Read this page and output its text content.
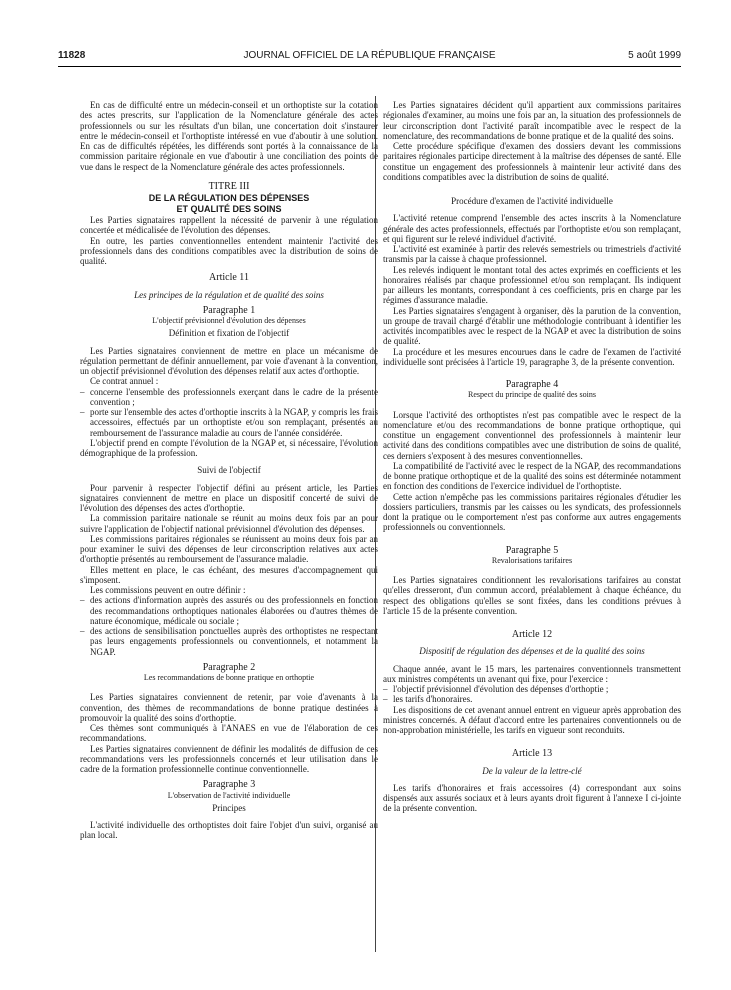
11828	JOURNAL OFFICIEL DE LA RÉPUBLIQUE FRANÇAISE	5 août 1999

En cas de difficulté entre un médecin-conseil et un orthoptiste sur la cotation des actes prescrits, sur l'application de la Nomenclature générale des actes professionnels ou sur les résultats d'un bilan, une concertation doit s'instaurer entre le médecin-conseil et l'orthoptiste intéressé en vue d'aboutir à une solution. En cas de difficultés répétées, les différends sont portés à la connaissance de la commission paritaire régionale en vue d'aboutir à une conciliation des points de vue dans le respect de la Nomenclature générale des actes professionnels.

TITRE III

DE LA RÉGULATION DES DÉPENSES

ET QUALITÉ DES SOINS

Les Parties signataires rappellent la nécessité de parvenir à une régulation concertée et médicalisée de l'évolution des dépenses.

En outre, les parties conventionnelles entendent maintenir l'activité des professionnels dans des conditions compatibles avec la distribution de soins de qualité.

Article 11

Les principes de la régulation et de qualité des soins

Paragraphe 1

L'objectif prévisionnel d'évolution des dépenses

Définition et fixation de l'objectif

Les Parties signataires conviennent de mettre en place un mécanisme de régulation permettant de définir annuellement, par voie d'avenant à la convention, un objectif prévisionnel d'évolution des dépenses relatif aux actes d'orthoptie.

Ce contrat annuel :

– concerne l'ensemble des professionnels exerçant dans le cadre de la présente convention ;

– porte sur l'ensemble des actes d'orthoptie inscrits à la NGAP, y compris les frais accessoires, effectués par un orthoptiste et/ou son remplaçant, présentés au remboursement de l'assurance maladie au cours de l'année considérée.

L'objectif prend en compte l'évolution de la NGAP et, si nécessaire, l'évolution démographique de la profession.

Suivi de l'objectif

Pour parvenir à respecter l'objectif défini au présent article, les Parties signataires conviennent de mettre en place un dispositif concerté de suivi de l'évolution des dépenses des actes d'orthoptie.

La commission paritaire nationale se réunit au moins deux fois par an pour suivre l'application de l'objectif national prévisionnel d'évolution des dépenses.

Les commissions paritaires régionales se réunissent au moins deux fois par an pour examiner le suivi des dépenses de leur circonscription relatives aux actes d'orthoptie présentés au remboursement de l'assurance maladie.

Elles mettent en place, le cas échéant, des mesures d'accompagnement qui s'imposent.

Les commissions peuvent en outre définir :

– des actions d'information auprès des assurés ou des professionnels en fonction des recommandations orthoptiques nationales élaborées ou d'autres thèmes de nature économique, médicale ou sociale ;

– des actions de sensibilisation ponctuelles auprès des orthoptistes ne respectant pas leurs engagements professionnels ou conventionnels, et notamment la NGAP.

Paragraphe 2

Les recommandations de bonne pratique en orthoptie

Les Parties signataires conviennent de retenir, par voie d'avenants à la convention, des thèmes de recommandations de bonne pratique destinées à promouvoir la qualité des soins d'orthoptie.

Ces thèmes sont communiqués à l'ANAES en vue de l'élaboration de ces recommandations.

Les Parties signataires conviennent de définir les modalités de diffusion de ces recommandations vers les professionnels concernés et leur utilisation dans le cadre de la formation professionnelle continue conventionnelle.

Paragraphe 3

L'observation de l'activité individuelle

Principes

L'activité individuelle des orthoptistes doit faire l'objet d'un suivi, organisé au plan local.

Les Parties signataires décident qu'il appartient aux commissions paritaires régionales d'examiner, au moins une fois par an, la situation des professionnels de leur circonscription dont l'activité paraît incompatible avec le respect de la nomenclature, des recommandations de bonne pratique et de la qualité des soins.

Cette procédure spécifique d'examen des dossiers devant les commissions paritaires régionales participe directement à la maîtrise des dépenses de santé. Elle constitue un engagement des professionnels à maintenir leur activité dans des conditions compatibles avec la distribution de soins de qualité.

Procédure d'examen de l'activité individuelle

L'activité retenue comprend l'ensemble des actes inscrits à la Nomenclature générale des actes professionnels, effectués par l'orthoptiste et/ou son remplaçant, et qui figurent sur le relevé individuel d'activité.

L'activité est examinée à partir des relevés semestriels ou trimestriels d'activité transmis par la caisse à chaque professionnel.

Les relevés indiquent le montant total des actes exprimés en coefficients et les honoraires réalisés par chaque professionnel et/ou son remplaçant. Ils indiquent par ailleurs les montants, correspondant à ces coefficients, pris en charge par les régimes d'assurance maladie.

Les Parties signataires s'engagent à organiser, dès la parution de la convention, un groupe de travail chargé d'établir une méthodologie contribuant à identifier les activités incompatibles avec le respect de la NGAP et avec la distribution de soins de qualité.

La procédure et les mesures encourues dans le cadre de l'examen de l'activité individuelle sont précisées à l'article 19, paragraphe 3, de la présente convention.

Paragraphe 4

Respect du principe de qualité des soins

Lorsque l'activité des orthoptistes n'est pas compatible avec le respect de la nomenclature et/ou des recommandations de bonne pratique orthoptique, qui constitue un engagement conventionnel des professionnels à maintenir leur activité dans des conditions compatibles avec une distribution de soins de qualité, ces derniers s'exposent à des mesures conventionnelles.

La compatibilité de l'activité avec le respect de la NGAP, des recommandations de bonne pratique orthoptique et de la qualité des soins est déterminée notamment en fonction des conditions de l'exercice individuel de l'orthoptiste.

Cette action n'empêche pas les commissions paritaires régionales d'étudier les dossiers particuliers, transmis par les caisses ou les syndicats, des professionnels dont la pratique ou le comportement n'est pas conforme aux autres engagements professionnels ou conventionnels.

Paragraphe 5

Revalorisations tarifaires

Les Parties signataires conditionnent les revalorisations tarifaires au constat qu'elles dresseront, d'un commun accord, préalablement à chaque échéance, du respect des obligations qu'elles se sont fixées, dans les conditions prévues à l'article 15 de la présente convention.

Article 12

Dispositif de régulation des dépenses et de la qualité des soins

Chaque année, avant le 15 mars, les partenaires conventionnels transmettent aux ministres compétents un avenant qui fixe, pour l'exercice :

– l'objectif prévisionnel d'évolution des dépenses d'orthoptie ;

– les tarifs d'honoraires.

Les dispositions de cet avenant annuel entrent en vigueur après approbation des ministres concernés. A défaut d'accord entre les partenaires conventionnels ou de non-approbation ministérielle, les tarifs en vigueur sont reconduits.

Article 13

De la valeur de la lettre-clé

Les tarifs d'honoraires et frais accessoires (4) correspondant aux soins dispensés aux assurés sociaux et à leurs ayants droit figurent à l'annexe I ci-jointe de la présente convention.
